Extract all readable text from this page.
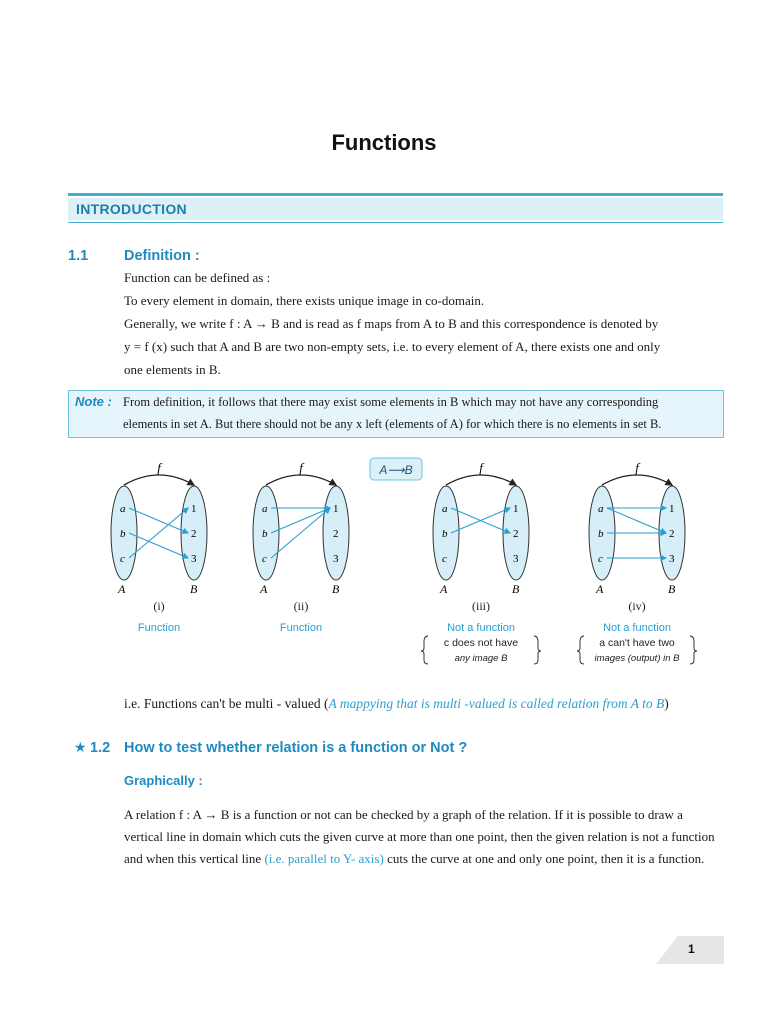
Functions
INTRODUCTION
1.1 Definition :
Function can be defined as :
To every element in domain, there exists unique image in co-domain.
Generally, we write f : A → B and is read as f maps from A to B and this correspondence is denoted by
y = f (x) such that A and B are two non-empty sets, i.e. to every element of A, there exists one and only
one elements in B.
Note : From definition, it follows that there may exist some elements in B which may not have any corresponding
elements in set A. But there should not be any x left (elements of A) for which there is no elements in set B.
A⟶B
f
a
b
c
1
2
3
A	B
(i)
Function
f
a
b
c
1
2
3
A	B
(ii)
Function
f
a
b
c
1
2
3
A	B
(iii)
Not a function
c does not have
any image B
f
a
b
c
1
2
3
A	B
(iv)
Not a function
a can't have two
images (output) in B
i.e. Functions can't be multi - valued (A mappying that is multi -valued is called relation from A to B)
★ 1.2 How to test whether relation is a function or Not ?
Graphically :
A relation f : A → B is a function or not can be checked by a graph of the relation. If it is possible to draw a vertical line in domain which cuts the given curve at more than one point, then the given relation is not a function and when this vertical line (i.e. parallel to Y- axis) cuts the curve at one and only one point, then it is a function.
1
